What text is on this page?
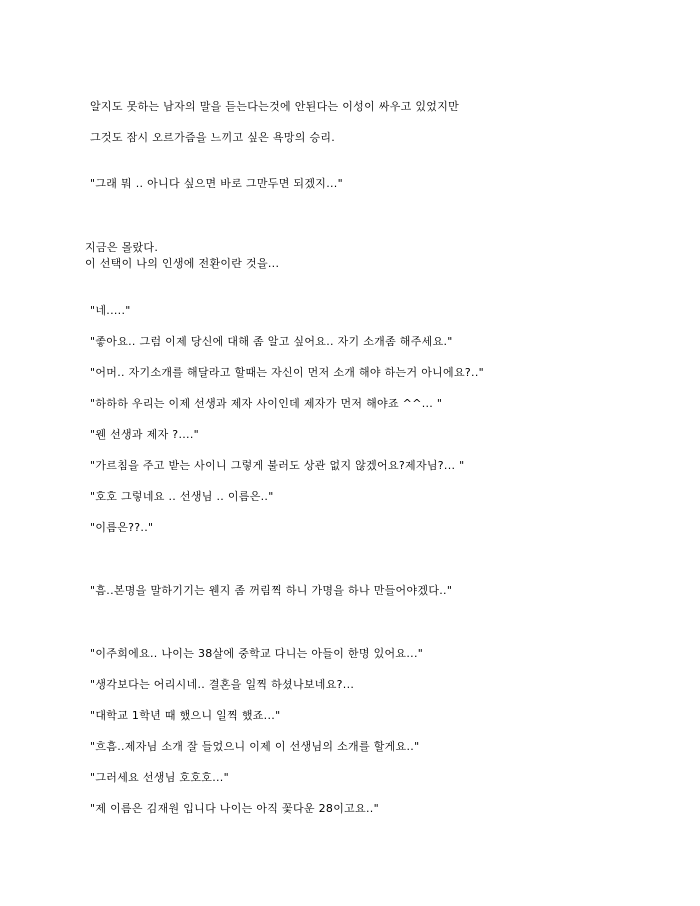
알지도 못하는 남자의 말을 듣는다는것에 안된다는 이성이 싸우고 있었지만
그것도 잠시 오르가즘을 느끼고 싶은 욕망의 승리.
"그래 뭐 .. 아니다 싶으면 바로 그만두면 되겠지..."
지금은 몰랐다.
이 선택이 나의 인생에 전환이란 것을...
"네....."
"좋아요.. 그럼 이제 당신에 대해 좀 알고 싶어요.. 자기 소개좀 해주세요."
"어머.. 자기소개를 해달라고 할때는 자신이 먼저 소개 해야 하는거 아니에요?.."
"하하하 우리는 이제 선생과 제자 사이인데 제자가 먼저 해야죠 ^^... "
"웬 선생과 제자 ?...."
"가르침을 주고 받는 사이니 그렇게 불러도 상관 없지 않겠어요?제자님?... "
"호호 그렇네요 .. 선생님 .. 이름은.."
"이름은??.."
"흠..본명을 말하기기는 웬지 좀 꺼림찍 하니 가명을 하나 만들어야겠다.."
"이주희에요.. 나이는 38살에 중학교 다니는 아들이 한명 있어요..."
"생각보다는 어리시네.. 결혼을 일찍 하셨나보네요?...
"대학교 1학년 때 했으니 일찍 했죠..."
"흐흠..제자님 소개 잘 들었으니 이제 이 선생님의 소개를 할게요.."
"그러세요 선생님 호호호..."
"제 이름은 김재원 입니다 나이는 아직 꽃다운 28이고요.."
